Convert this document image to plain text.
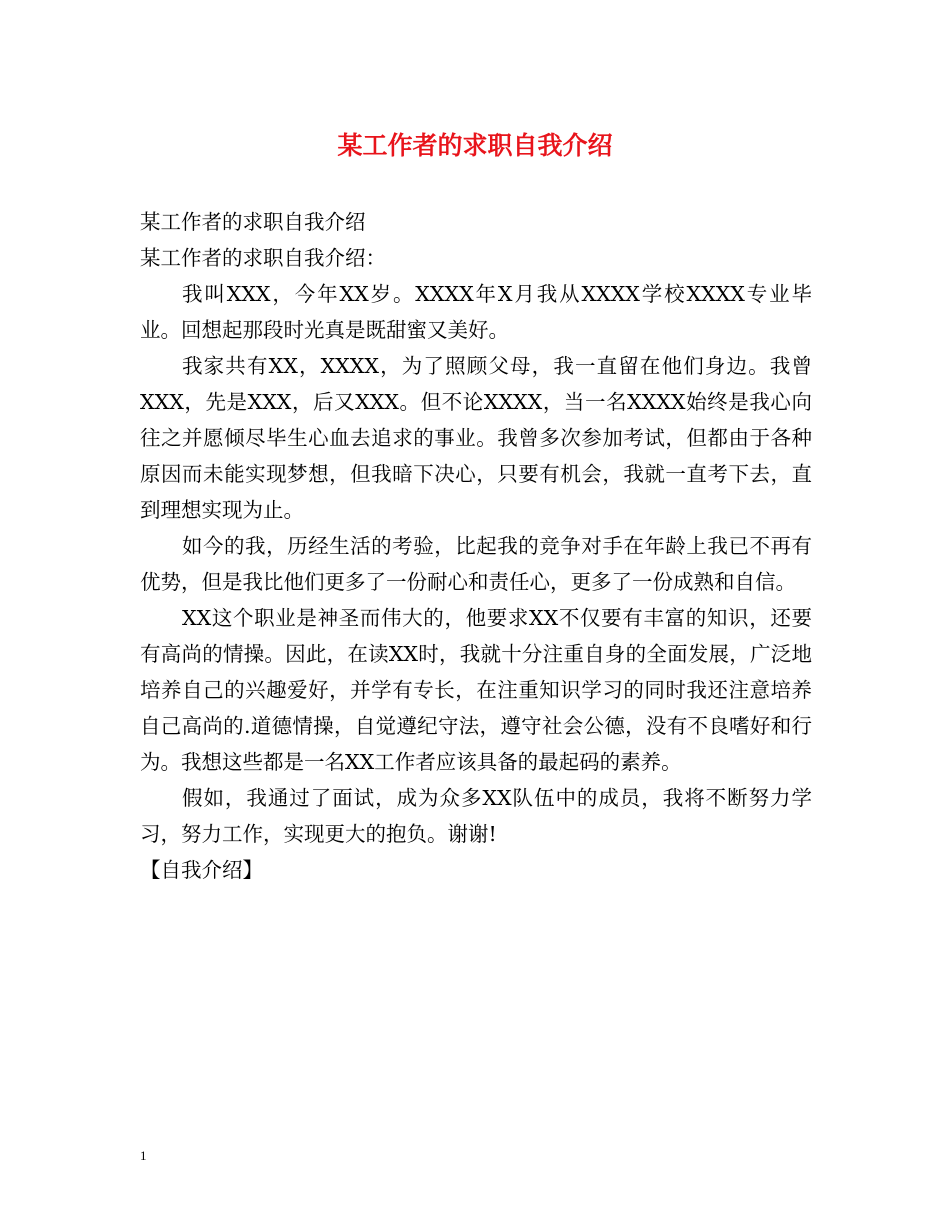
某工作者的求职自我介绍

某工作者的求职自我介绍

某工作者的求职自我介绍：

我叫XXX，今年XX岁。XXXX年X月我从XXXX学校XXXX专业毕业。回想起那段时光真是既甜蜜又美好。

我家共有XX，XXXX，为了照顾父母，我一直留在他们身边。我曾XXX，先是XXX，后又XXX。但不论XXXX，当一名XXXX始终是我心向往之并愿倾尽毕生心血去追求的事业。我曾多次参加考试，但都由于各种原因而未能实现梦想，但我暗下决心，只要有机会，我就一直考下去，直到理想实现为止。

如今的我，历经生活的考验，比起我的竞争对手在年龄上我已不再有优势，但是我比他们更多了一份耐心和责任心，更多了一份成熟和自信。

XX这个职业是神圣而伟大的，他要求XX不仅要有丰富的知识，还要有高尚的情操。因此，在读XX时，我就十分注重自身的全面发展，广泛地培养自己的兴趣爱好，并学有专长，在注重知识学习的同时我还注意培养自己高尚的.道德情操，自觉遵纪守法，遵守社会公德，没有不良嗜好和行为。我想这些都是一名XX工作者应该具备的最起码的素养。

假如，我通过了面试，成为众多XX队伍中的成员，我将不断努力学习，努力工作，实现更大的抱负。谢谢!

【自我介绍】

1
